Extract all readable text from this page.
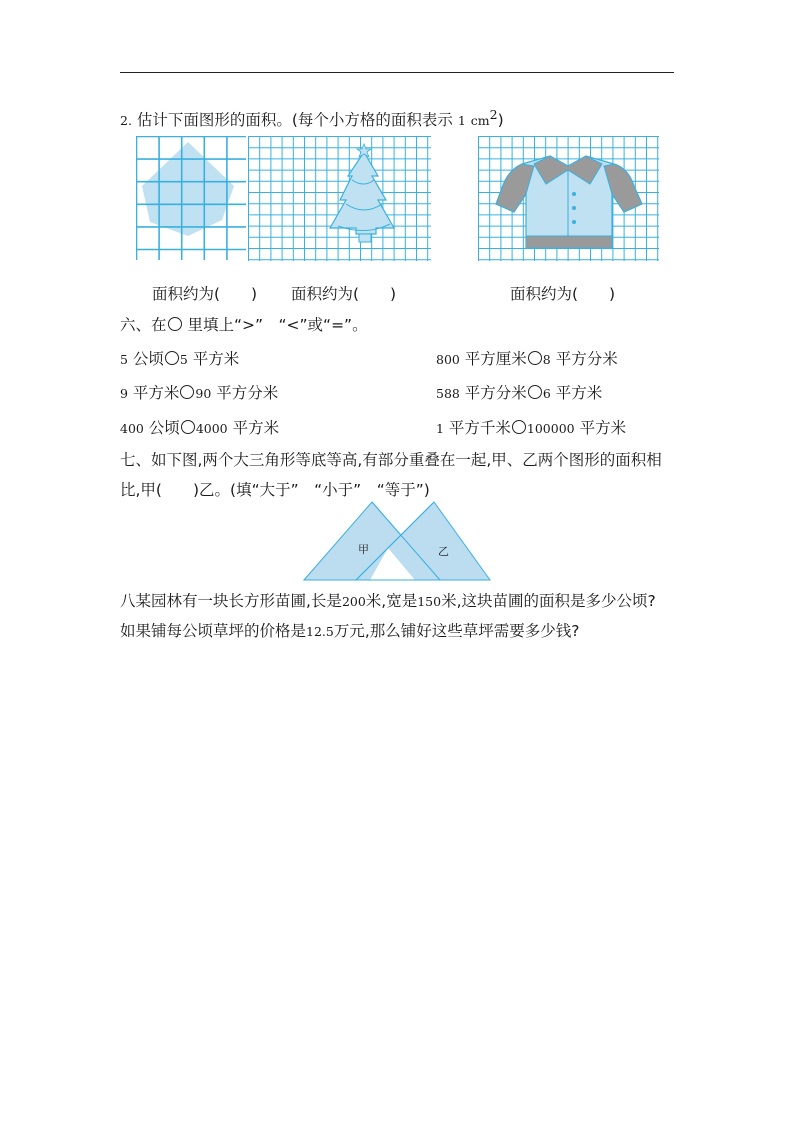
2. 估计下面图形的面积。(每个小方格的面积表示 1 $cm^2$)
面积约为(　　) 面积约为(　　)	面积约为(　　)
六、在 里填上“>”　“<”或“=”。
5 公顷 5 平方米	800 平方厘米 8 平方分米
9 平方米 90 平方分米	588 平方分米 6 平方米
400 公顷 4000 平方米	1 平方千米 100000 平方米
七、如下图,两个大三角形等底等高,有部分重叠在一起,甲、乙两个图形的面积相
比,甲(　　)乙。(填“大于”　“小于”　“等于”)
甲	乙
八某园林有一块长方形苗圃,长是200米,宽是150米,这块苗圃的面积是多少公顷?
如果铺每公顷草坪的价格是12.5万元,那么铺好这些草坪需要多少钱?
